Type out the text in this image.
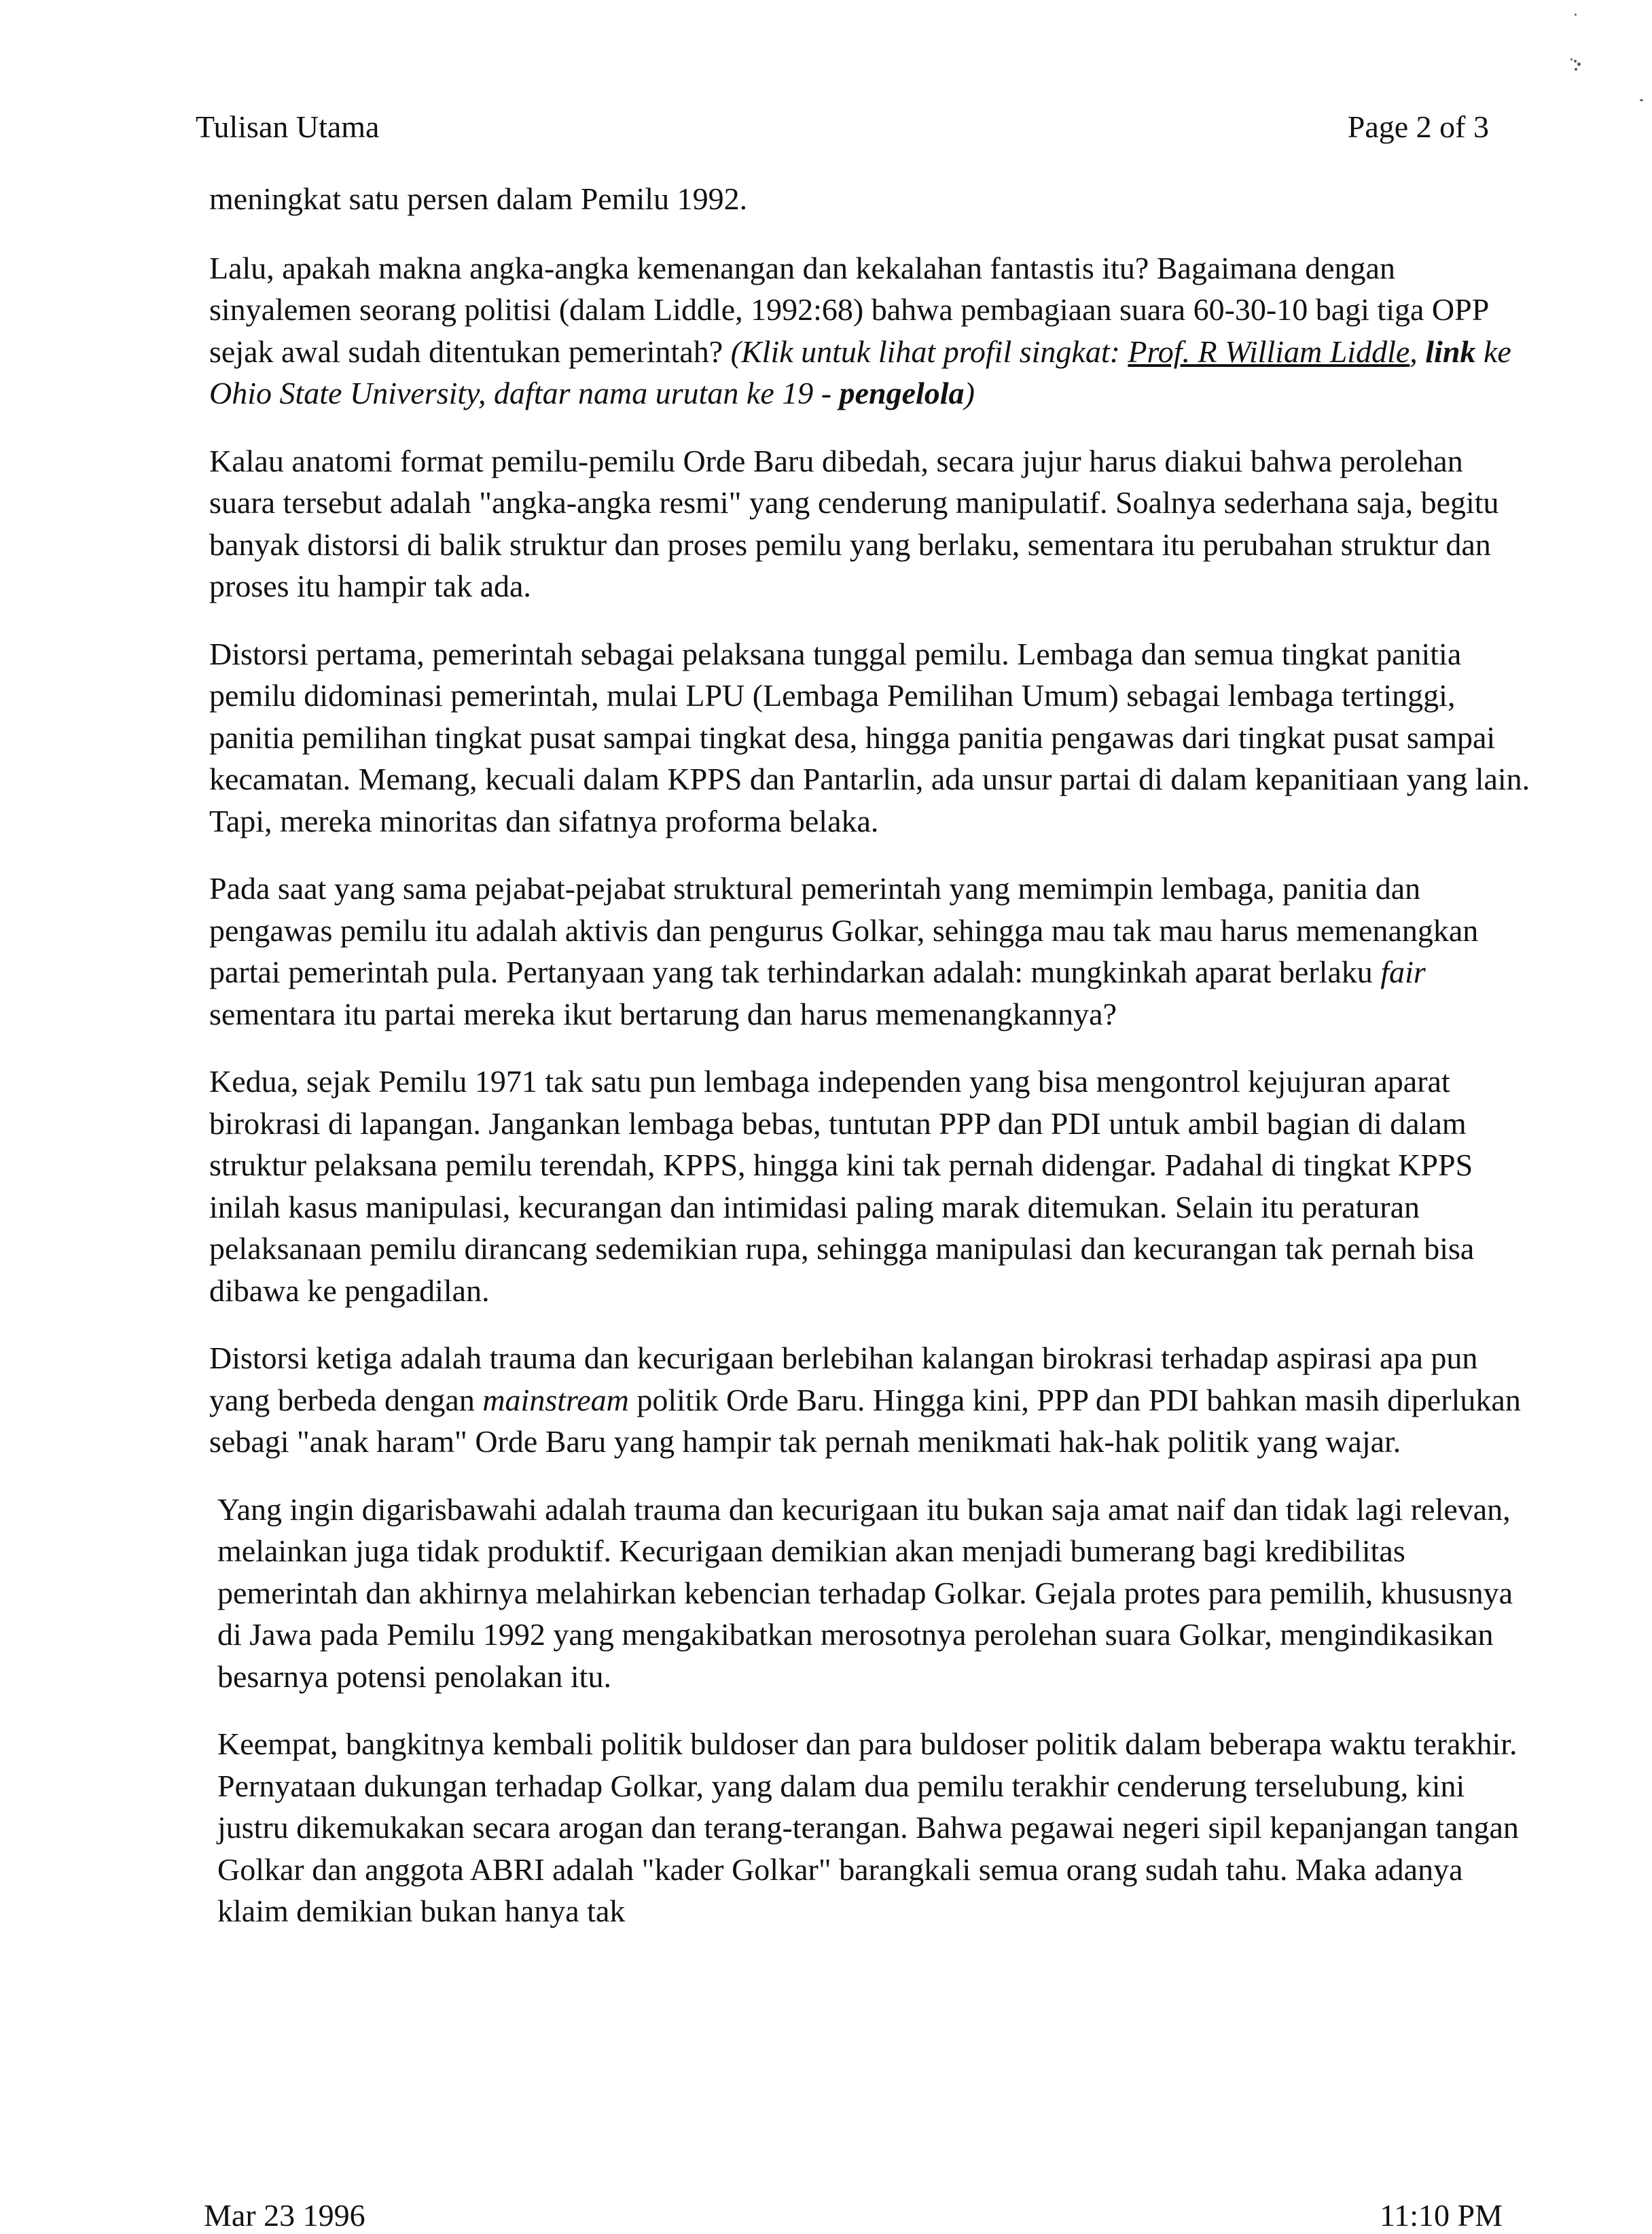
Tulisan Utama	Page 2 of 3

meningkat satu persen dalam Pemilu 1992.

Lalu, apakah makna angka-angka kemenangan dan kekalahan fantastis itu? Bagaimana dengan sinyalemen seorang politisi (dalam Liddle, 1992:68) bahwa pembagiaan suara 60-30-10 bagi tiga OPP sejak awal sudah ditentukan pemerintah? (Klik untuk lihat profil singkat: Prof. R William Liddle, link ke Ohio State University, daftar nama urutan ke 19 - pengelola)

Kalau anatomi format pemilu-pemilu Orde Baru dibedah, secara jujur harus diakui bahwa perolehan suara tersebut adalah "angka-angka resmi" yang cenderung manipulatif. Soalnya sederhana saja, begitu banyak distorsi di balik struktur dan proses pemilu yang berlaku, sementara itu perubahan struktur dan proses itu hampir tak ada.

Distorsi pertama, pemerintah sebagai pelaksana tunggal pemilu. Lembaga dan semua tingkat panitia pemilu didominasi pemerintah, mulai LPU (Lembaga Pemilihan Umum) sebagai lembaga tertinggi, panitia pemilihan tingkat pusat sampai tingkat desa, hingga panitia pengawas dari tingkat pusat sampai kecamatan. Memang, kecuali dalam KPPS dan Pantarlin, ada unsur partai di dalam kepanitiaan yang lain. Tapi, mereka minoritas dan sifatnya proforma belaka.

Pada saat yang sama pejabat-pejabat struktural pemerintah yang memimpin lembaga, panitia dan pengawas pemilu itu adalah aktivis dan pengurus Golkar, sehingga mau tak mau harus memenangkan partai pemerintah pula. Pertanyaan yang tak terhindarkan adalah: mungkinkah aparat berlaku fair sementara itu partai mereka ikut bertarung dan harus memenangkannya?

Kedua, sejak Pemilu 1971 tak satu pun lembaga independen yang bisa mengontrol kejujuran aparat birokrasi di lapangan. Jangankan lembaga bebas, tuntutan PPP dan PDI untuk ambil bagian di dalam struktur pelaksana pemilu terendah, KPPS, hingga kini tak pernah didengar. Padahal di tingkat KPPS inilah kasus manipulasi, kecurangan dan intimidasi paling marak ditemukan. Selain itu peraturan pelaksanaan pemilu dirancang sedemikian rupa, sehingga manipulasi dan kecurangan tak pernah bisa dibawa ke pengadilan.

Distorsi ketiga adalah trauma dan kecurigaan berlebihan kalangan birokrasi terhadap aspirasi apa pun yang berbeda dengan mainstream politik Orde Baru. Hingga kini, PPP dan PDI bahkan masih diperlukan sebagi "anak haram" Orde Baru yang hampir tak pernah menikmati hak-hak politik yang wajar.

Yang ingin digarisbawahi adalah trauma dan kecurigaan itu bukan saja amat naif dan tidak lagi relevan, melainkan juga tidak produktif. Kecurigaan demikian akan menjadi bumerang bagi kredibilitas pemerintah dan akhirnya melahirkan kebencian terhadap Golkar. Gejala protes para pemilih, khususnya di Jawa pada Pemilu 1992 yang mengakibatkan merosotnya perolehan suara Golkar, mengindikasikan besarnya potensi penolakan itu.

Keempat, bangkitnya kembali politik buldoser dan para buldoser politik dalam beberapa waktu terakhir. Pernyataan dukungan terhadap Golkar, yang dalam dua pemilu terakhir cenderung terselubung, kini justru dikemukakan secara arogan dan terang-terangan. Bahwa pegawai negeri sipil kepanjangan tangan Golkar dan anggota ABRI adalah "kader Golkar" barangkali semua orang sudah tahu. Maka adanya klaim demikian bukan hanya tak

Mar 23 1996	11:10 PM
